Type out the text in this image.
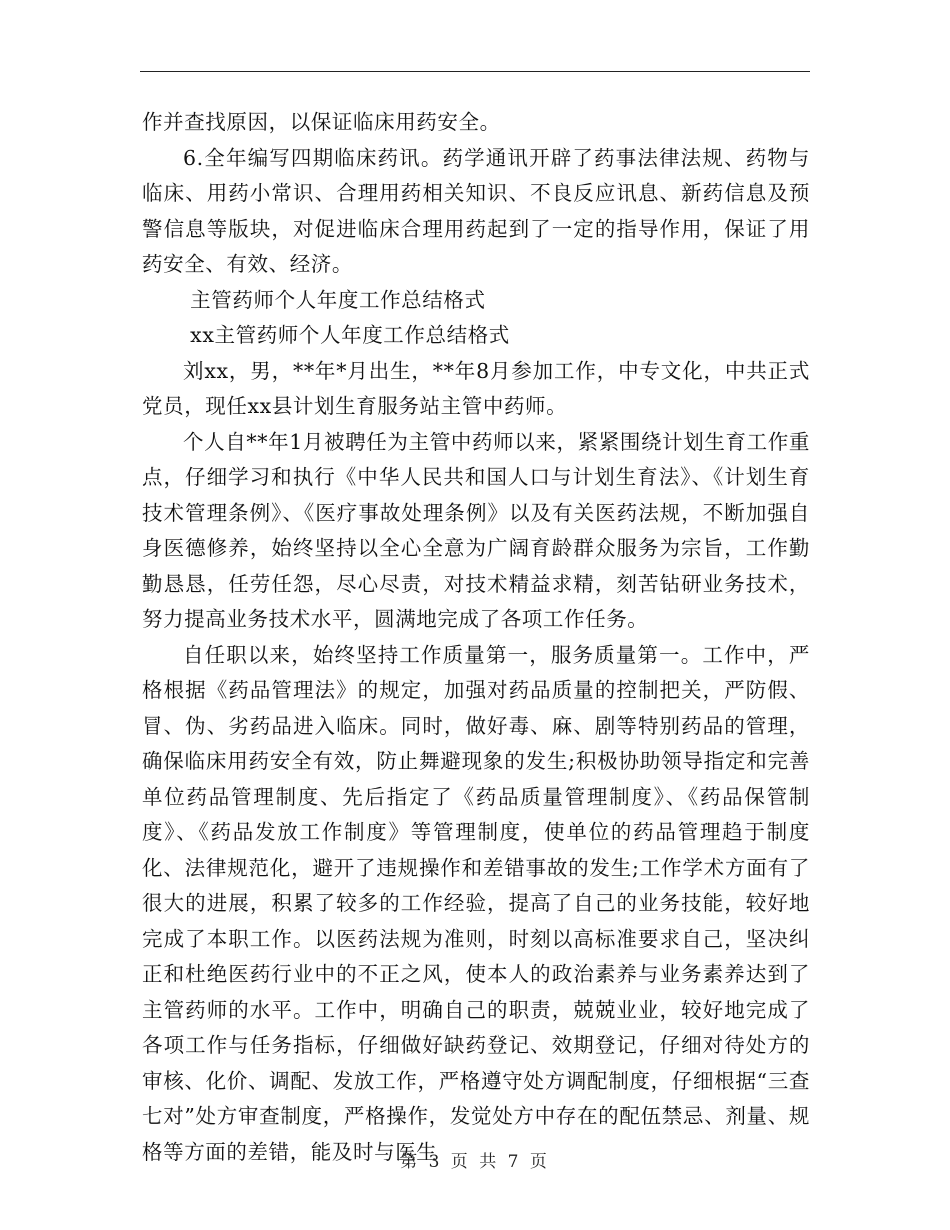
作并查找原因，以保证临床用药安全。

6.全年编写四期临床药讯。药学通讯开辟了药事法律法规、药物与临床、用药小常识、合理用药相关知识、不良反应讯息、新药信息及预警信息等版块，对促进临床合理用药起到了一定的指导作用，保证了用药安全、有效、经济。

主管药师个人年度工作总结格式

xx主管药师个人年度工作总结格式

刘xx，男，**年*月出生，**年8月参加工作，中专文化，中共正式党员，现任xx县计划生育服务站主管中药师。

个人自**年1月被聘任为主管中药师以来，紧紧围绕计划生育工作重点，仔细学习和执行《中华人民共和国人口与计划生育法》、《计划生育技术管理条例》、《医疗事故处理条例》以及有关医药法规，不断加强自身医德修养，始终坚持以全心全意为广阔育龄群众服务为宗旨，工作勤勤恳恳，任劳任怨，尽心尽责，对技术精益求精，刻苦钻研业务技术，努力提高业务技术水平，圆满地完成了各项工作任务。

自任职以来，始终坚持工作质量第一，服务质量第一。工作中，严格根据《药品管理法》的规定，加强对药品质量的控制把关，严防假、冒、伪、劣药品进入临床。同时，做好毒、麻、剧等特别药品的管理，确保临床用药安全有效，防止舞避现象的发生;积极协助领导指定和完善单位药品管理制度、先后指定了《药品质量管理制度》、《药品保管制度》、《药品发放工作制度》等管理制度，使单位的药品管理趋于制度化、法律规范化，避开了违规操作和差错事故的发生;工作学术方面有了很大的进展，积累了较多的工作经验，提高了自己的业务技能，较好地完成了本职工作。以医药法规为准则，时刻以高标准要求自己，坚决纠正和杜绝医药行业中的不正之风，使本人的政治素养与业务素养达到了主管药师的水平。工作中，明确自己的职责，兢兢业业，较好地完成了各项工作与任务指标，仔细做好缺药登记、效期登记，仔细对待处方的审核、化价、调配、发放工作，严格遵守处方调配制度，仔细根据“三查七对”处方审查制度，严格操作，发觉处方中存在的配伍禁忌、剂量、规格等方面的差错，能及时与医生

第 3 页 共 7 页
